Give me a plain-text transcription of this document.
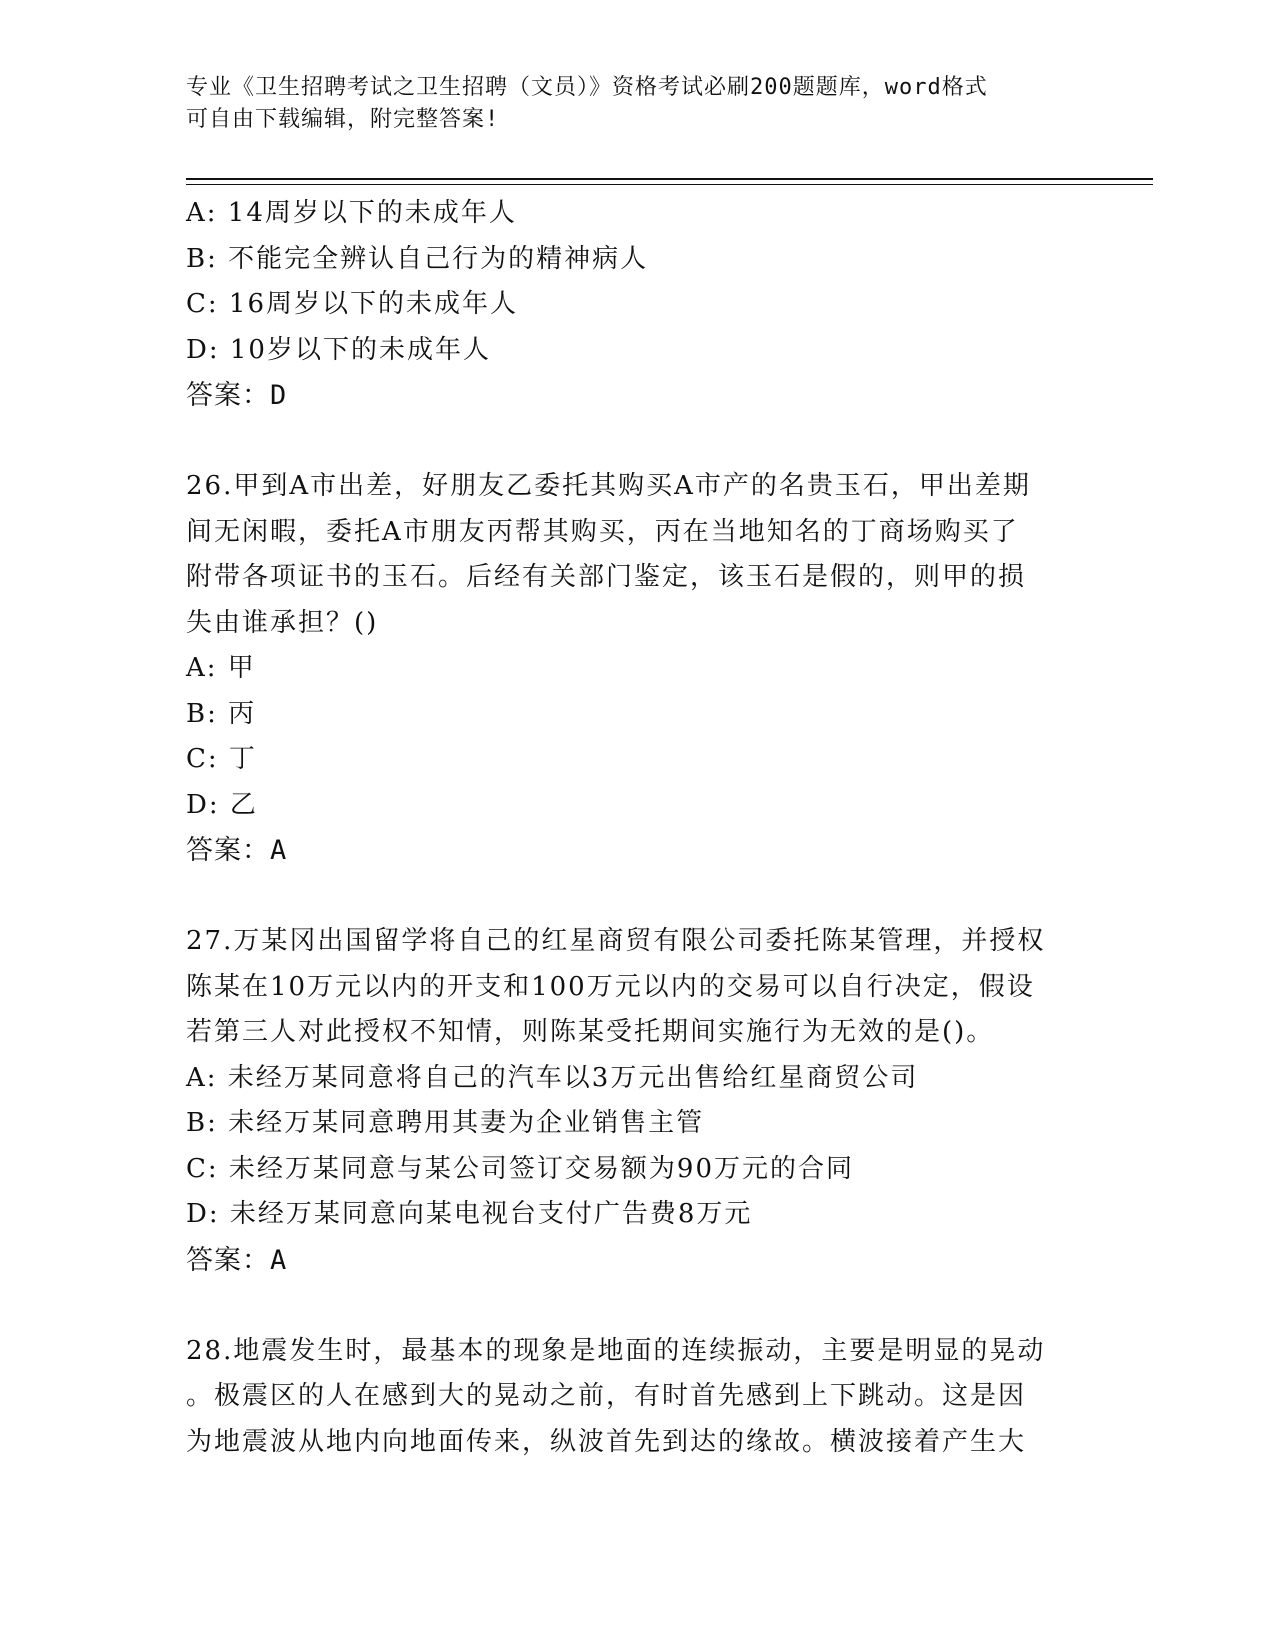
专业《卫生招聘考试之卫生招聘（文员）》资格考试必刷200题题库，word格式
可自由下载编辑，附完整答案!
A: 14周岁以下的未成年人
B: 不能完全辨认自己行为的精神病人
C: 16周岁以下的未成年人
D: 10岁以下的未成年人
答案：D
26.甲到A市出差，好朋友乙委托其购买A市产的名贵玉石，甲出差期
间无闲暇，委托A市朋友丙帮其购买，丙在当地知名的丁商场购买了
附带各项证书的玉石。后经有关部门鉴定，该玉石是假的，则甲的损
失由谁承担？()
A: 甲
B: 丙
C: 丁
D: 乙
答案：A
27.万某冈出国留学将自己的红星商贸有限公司委托陈某管理，并授权
陈某在10万元以内的开支和100万元以内的交易可以自行决定，假设
若第三人对此授权不知情，则陈某受托期间实施行为无效的是()。
A: 未经万某同意将自己的汽车以3万元出售给红星商贸公司
B: 未经万某同意聘用其妻为企业销售主管
C: 未经万某同意与某公司签订交易额为90万元的合同
D: 未经万某同意向某电视台支付广告费8万元
答案：A
28.地震发生时，最基本的现象是地面的连续振动，主要是明显的晃动
。极震区的人在感到大的晃动之前，有时首先感到上下跳动。这是因
为地震波从地内向地面传来，纵波首先到达的缘故。横波接着产生大
